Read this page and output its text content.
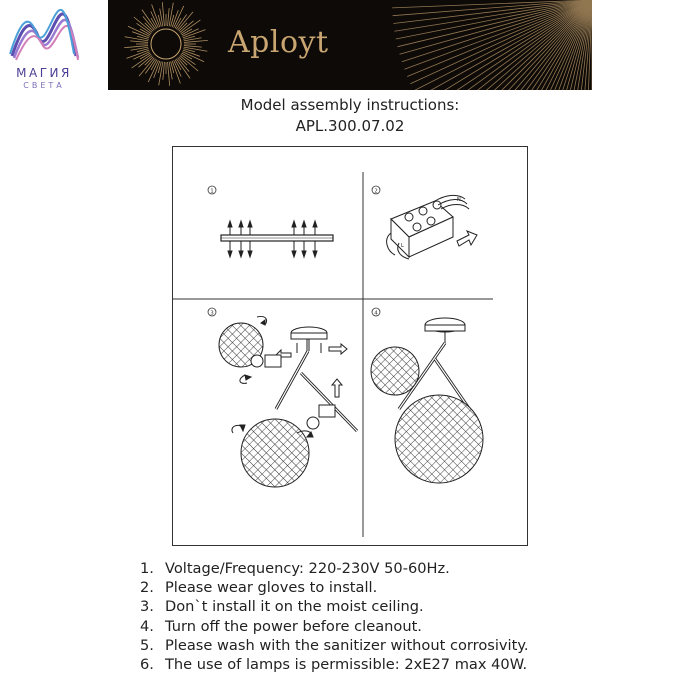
МАГИЯ
СВЕТА
Aployt
Model assembly instructions:
APL.300.07.02
1	2
3	4
N
L
1. Voltage/Frequency: 220-230V 50-60Hz.
2. Please wear gloves to install.
3. Don`t install it on the moist ceiling.
4. Turn off the power before cleanout.
5. Please wash with the sanitizer without corrosivity.
6. The use of lamps is permissible: 2xE27 max 40W.
